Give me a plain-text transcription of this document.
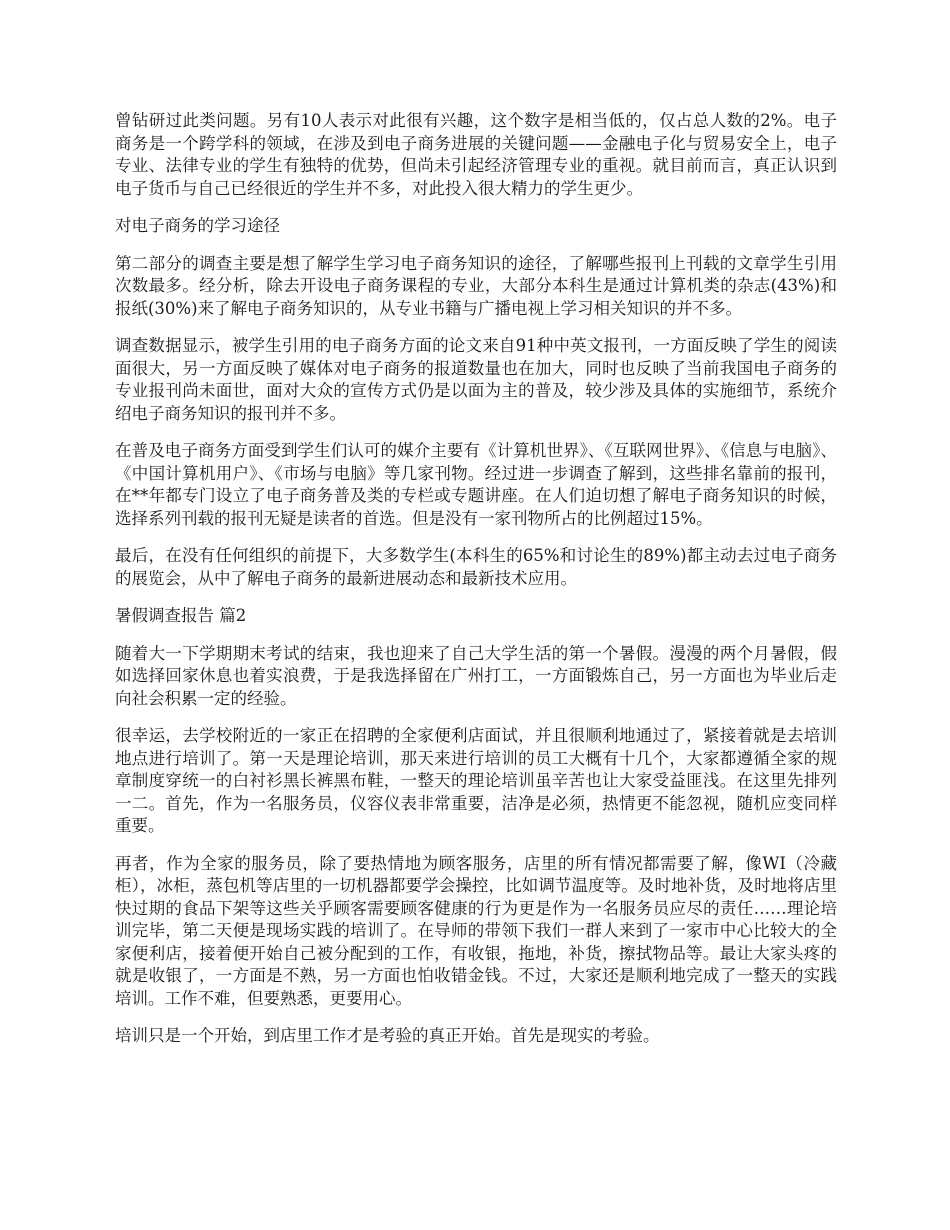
曾钻研过此类问题。另有10人表示对此很有兴趣，这个数字是相当低的，仅占总人数的2%。电子商务是一个跨学科的领域，在涉及到电子商务进展的关键问题——金融电子化与贸易安全上，电子专业、法律专业的学生有独特的优势，但尚未引起经济管理专业的重视。就目前而言，真正认识到电子货币与自己已经很近的学生并不多，对此投入很大精力的学生更少。

对电子商务的学习途径

第二部分的调查主要是想了解学生学习电子商务知识的途径，了解哪些报刊上刊载的文章学生引用次数最多。经分析，除去开设电子商务课程的专业，大部分本科生是通过计算机类的杂志(43%)和报纸(30%)来了解电子商务知识的，从专业书籍与广播电视上学习相关知识的并不多。

调查数据显示，被学生引用的电子商务方面的论文来自91种中英文报刊，一方面反映了学生的阅读面很大，另一方面反映了媒体对电子商务的报道数量也在加大，同时也反映了当前我国电子商务的专业报刊尚未面世，面对大众的宣传方式仍是以面为主的普及，较少涉及具体的实施细节，系统介绍电子商务知识的报刊并不多。

在普及电子商务方面受到学生们认可的媒介主要有《计算机世界》、《互联网世界》、《信息与电脑》、《中国计算机用户》、《市场与电脑》等几家刊物。经过进一步调查了解到，这些排名靠前的报刊，在**年都专门设立了电子商务普及类的专栏或专题讲座。在人们迫切想了解电子商务知识的时候，选择系列刊载的报刊无疑是读者的首选。但是没有一家刊物所占的比例超过15%。

最后，在没有任何组织的前提下，大多数学生(本科生的65%和讨论生的89%)都主动去过电子商务的展览会，从中了解电子商务的最新进展动态和最新技术应用。

暑假调查报告 篇2

随着大一下学期期末考试的结束，我也迎来了自己大学生活的第一个暑假。漫漫的两个月暑假，假如选择回家休息也着实浪费，于是我选择留在广州打工，一方面锻炼自己，另一方面也为毕业后走向社会积累一定的经验。

很幸运，去学校附近的一家正在招聘的全家便利店面试，并且很顺利地通过了，紧接着就是去培训地点进行培训了。第一天是理论培训，那天来进行培训的员工大概有十几个，大家都遵循全家的规章制度穿统一的白衬衫黑长裤黑布鞋，一整天的理论培训虽辛苦也让大家受益匪浅。在这里先排列一二。首先，作为一名服务员，仪容仪表非常重要，洁净是必须，热情更不能忽视，随机应变同样重要。

再者，作为全家的服务员，除了要热情地为顾客服务，店里的所有情况都需要了解，像WI（冷藏柜），冰柜，蒸包机等店里的一切机器都要学会操控，比如调节温度等。及时地补货，及时地将店里快过期的食品下架等这些关乎顾客需要顾客健康的行为更是作为一名服务员应尽的责任……理论培训完毕，第二天便是现场实践的培训了。在导师的带领下我们一群人来到了一家市中心比较大的全家便利店，接着便开始自己被分配到的工作，有收银，拖地，补货，擦拭物品等。最让大家头疼的就是收银了，一方面是不熟，另一方面也怕收错金钱。不过，大家还是顺利地完成了一整天的实践培训。工作不难，但要熟悉，更要用心。

培训只是一个开始，到店里工作才是考验的真正开始。首先是现实的考验。
